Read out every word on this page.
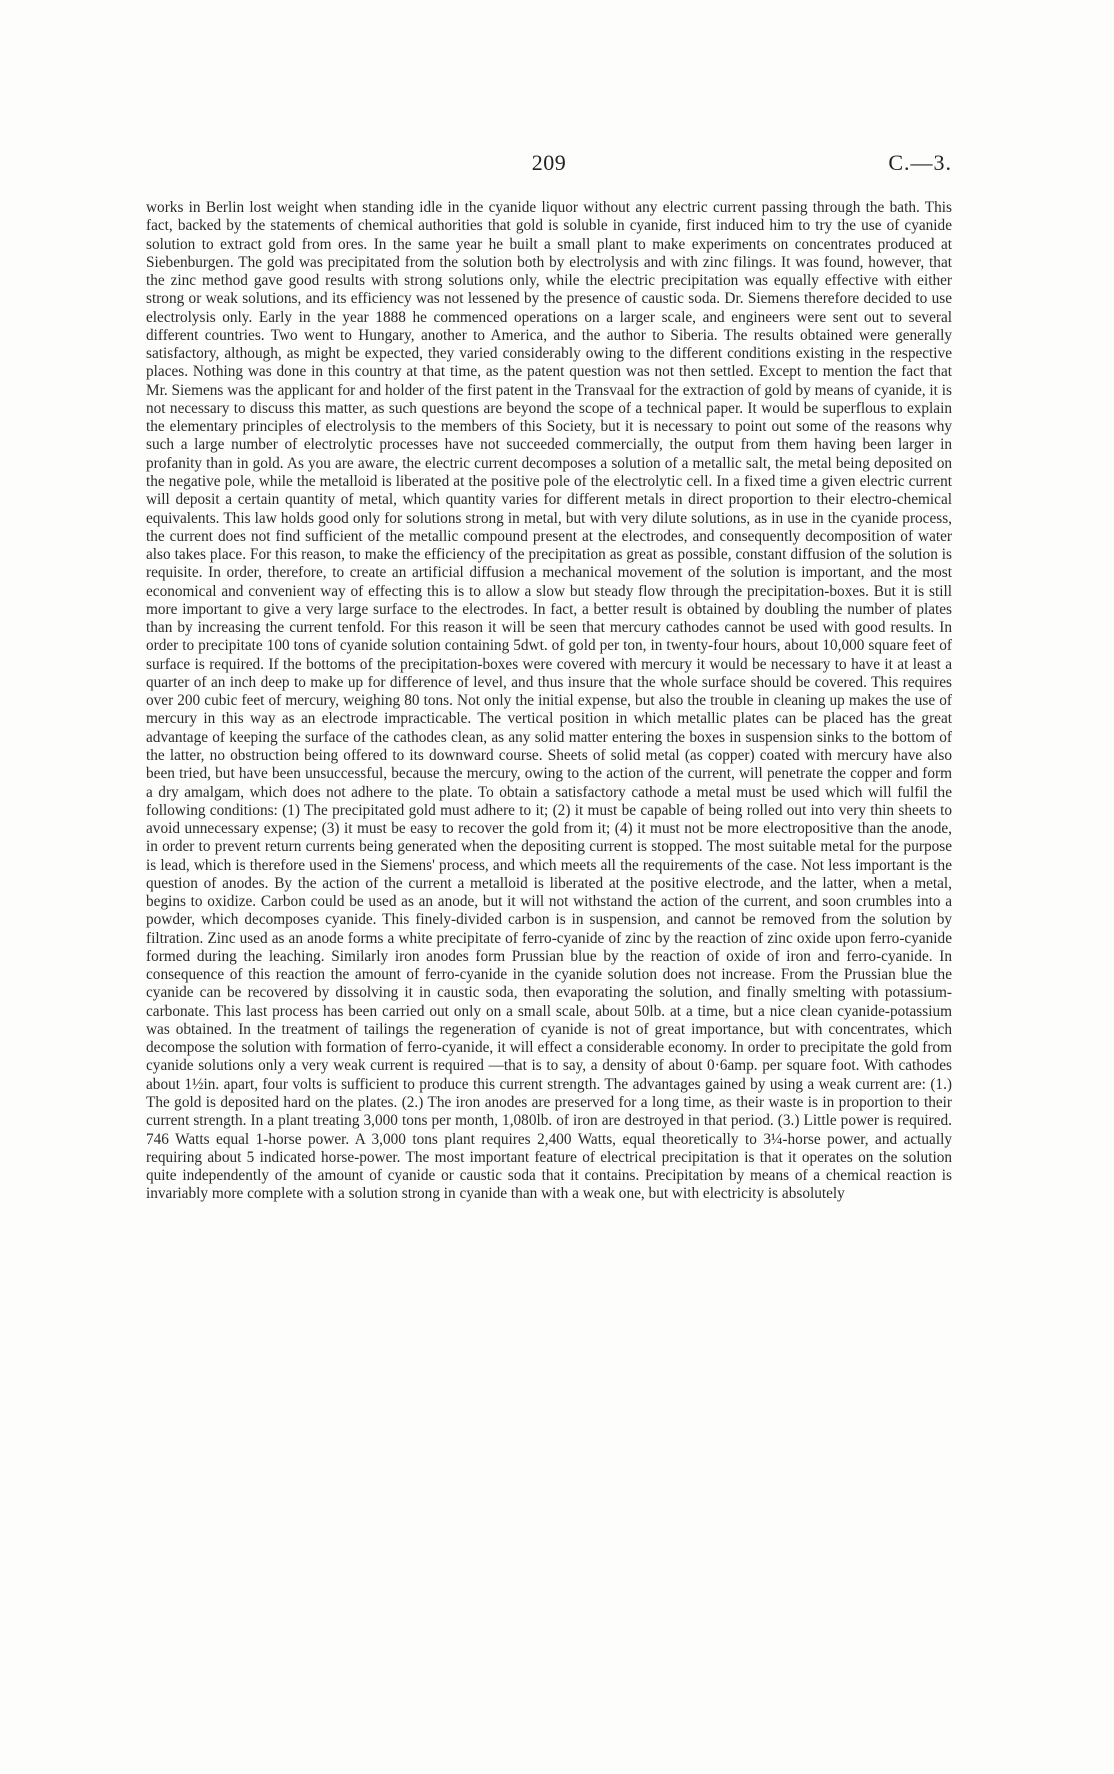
209	C.—3.

works in Berlin lost weight when standing idle in the cyanide liquor without any electric current passing through the bath. This fact, backed by the statements of chemical authorities that gold is soluble in cyanide, first induced him to try the use of cyanide solution to extract gold from ores. In the same year he built a small plant to make experiments on concentrates produced at Siebenburgen. The gold was precipitated from the solution both by electrolysis and with zinc filings. It was found, however, that the zinc method gave good results with strong solutions only, while the electric precipitation was equally effective with either strong or weak solutions, and its efficiency was not lessened by the presence of caustic soda. Dr. Siemens therefore decided to use electrolysis only. Early in the year 1888 he commenced operations on a larger scale, and engineers were sent out to several different countries. Two went to Hungary, another to America, and the author to Siberia. The results obtained were generally satisfactory, although, as might be expected, they varied considerably owing to the different conditions existing in the respective places. Nothing was done in this country at that time, as the patent question was not then settled. Except to mention the fact that Mr. Siemens was the applicant for and holder of the first patent in the Transvaal for the extraction of gold by means of cyanide, it is not necessary to discuss this matter, as such questions are beyond the scope of a technical paper. It would be superflous to explain the elementary principles of electrolysis to the members of this Society, but it is necessary to point out some of the reasons why such a large number of electrolytic processes have not succeeded commercially, the output from them having been larger in profanity than in gold. As you are aware, the electric current decomposes a solution of a metallic salt, the metal being deposited on the negative pole, while the metalloid is liberated at the positive pole of the electrolytic cell. In a fixed time a given electric current will deposit a certain quantity of metal, which quantity varies for different metals in direct proportion to their electro-chemical equivalents. This law holds good only for solutions strong in metal, but with very dilute solutions, as in use in the cyanide process, the current does not find sufficient of the metallic compound present at the electrodes, and consequently decomposition of water also takes place. For this reason, to make the efficiency of the precipitation as great as possible, constant diffusion of the solution is requisite. In order, therefore, to create an artificial diffusion a mechanical movement of the solution is important, and the most economical and convenient way of effecting this is to allow a slow but steady flow through the precipitation-boxes. But it is still more important to give a very large surface to the electrodes. In fact, a better result is obtained by doubling the number of plates than by increasing the current tenfold. For this reason it will be seen that mercury cathodes cannot be used with good results. In order to precipitate 100 tons of cyanide solution containing 5dwt. of gold per ton, in twenty-four hours, about 10,000 square feet of surface is required. If the bottoms of the precipitation-boxes were covered with mercury it would be necessary to have it at least a quarter of an inch deep to make up for difference of level, and thus insure that the whole surface should be covered. This requires over 200 cubic feet of mercury, weighing 80 tons. Not only the initial expense, but also the trouble in cleaning up makes the use of mercury in this way as an electrode impracticable. The vertical position in which metallic plates can be placed has the great advantage of keeping the surface of the cathodes clean, as any solid matter entering the boxes in suspension sinks to the bottom of the latter, no obstruction being offered to its downward course. Sheets of solid metal (as copper) coated with mercury have also been tried, but have been unsuccessful, because the mercury, owing to the action of the current, will penetrate the copper and form a dry amalgam, which does not adhere to the plate. To obtain a satisfactory cathode a metal must be used which will fulfil the following conditions: (1) The precipitated gold must adhere to it; (2) it must be capable of being rolled out into very thin sheets to avoid unnecessary expense; (3) it must be easy to recover the gold from it; (4) it must not be more electropositive than the anode, in order to prevent return currents being generated when the depositing current is stopped. The most suitable metal for the purpose is lead, which is therefore used in the Siemens' process, and which meets all the requirements of the case. Not less important is the question of anodes. By the action of the current a metalloid is liberated at the positive electrode, and the latter, when a metal, begins to oxidize. Carbon could be used as an anode, but it will not withstand the action of the current, and soon crumbles into a powder, which decomposes cyanide. This finely-divided carbon is in suspension, and cannot be removed from the solution by filtration. Zinc used as an anode forms a white precipitate of ferro-cyanide of zinc by the reaction of zinc oxide upon ferro-cyanide formed during the leaching. Similarly iron anodes form Prussian blue by the reaction of oxide of iron and ferro-cyanide. In consequence of this reaction the amount of ferro-cyanide in the cyanide solution does not increase. From the Prussian blue the cyanide can be recovered by dissolving it in caustic soda, then evaporating the solution, and finally smelting with potassium-carbonate. This last process has been carried out only on a small scale, about 50lb. at a time, but a nice clean cyanide-potassium was obtained. In the treatment of tailings the regeneration of cyanide is not of great importance, but with concentrates, which decompose the solution with formation of ferro-cyanide, it will effect a considerable economy. In order to precipitate the gold from cyanide solutions only a very weak current is required —that is to say, a density of about 0·6amp. per square foot. With cathodes about 1½in. apart, four volts is sufficient to produce this current strength. The advantages gained by using a weak current are: (1.) The gold is deposited hard on the plates. (2.) The iron anodes are preserved for a long time, as their waste is in proportion to their current strength. In a plant treating 3,000 tons per month, 1,080lb. of iron are destroyed in that period. (3.) Little power is required. 746 Watts equal 1-horse power. A 3,000 tons plant requires 2,400 Watts, equal theoretically to 3¼-horse power, and actually requiring about 5 indicated horse-power. The most important feature of electrical precipitation is that it operates on the solution quite independently of the amount of cyanide or caustic soda that it contains. Precipitation by means of a chemical reaction is invariably more complete with a solution strong in cyanide than with a weak one, but with electricity is absolutely
